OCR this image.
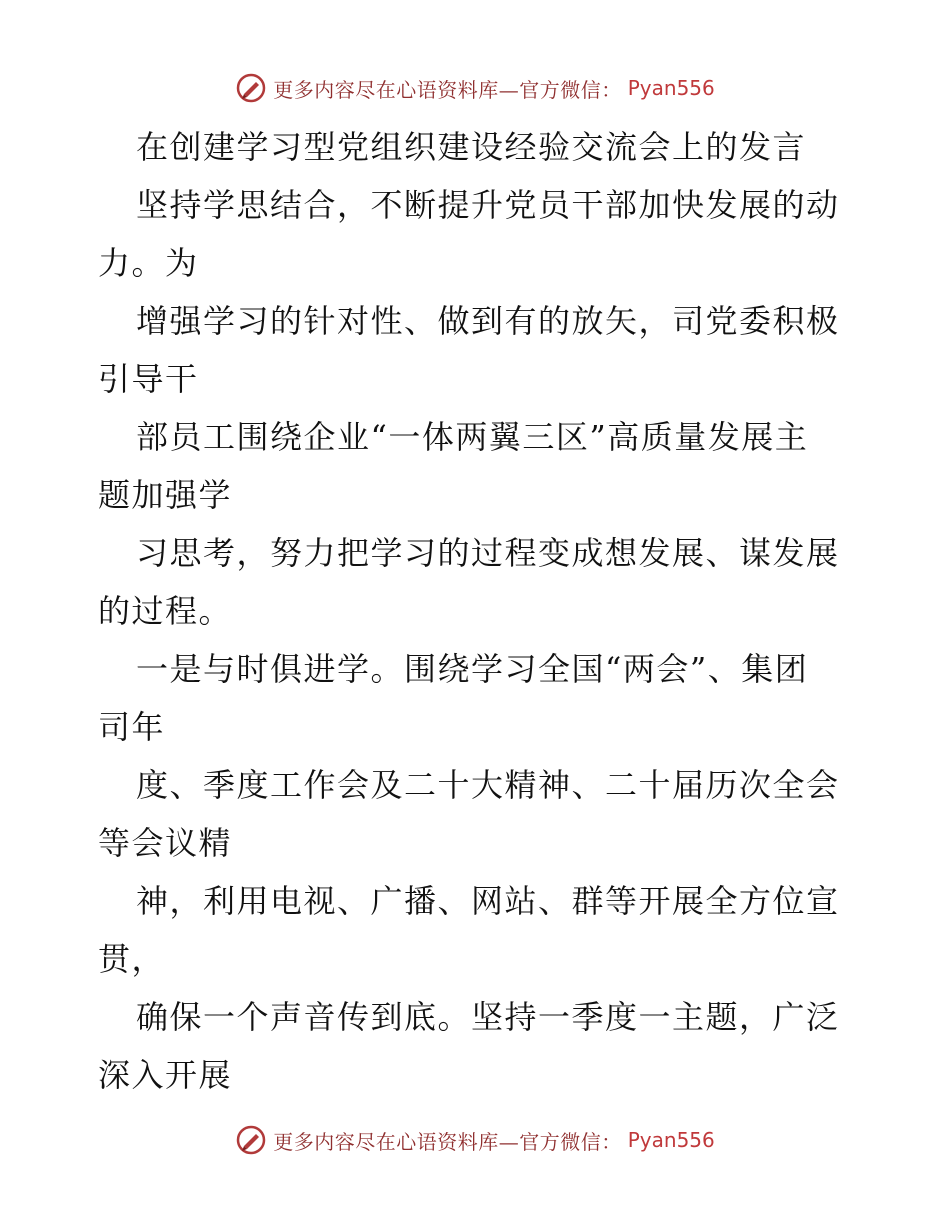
更多内容尽在心语资料库—官方微信： Pyan556
在创建学习型党组织建设经验交流会上的发言
坚持学思结合，不断提升党员干部加快发展的动
力。为
增强学习的针对性、做到有的放矢，司党委积极
引导干
部员工围绕企业“一体两翼三区”高质量发展主
题加强学
习思考，努力把学习的过程变成想发展、谋发展
的过程。
一是与时俱进学。围绕学习全国“两会”、集团
司年
度、季度工作会及二十大精神、二十届历次全会
等会议精
神，利用电视、广播、网站、群等开展全方位宣
贯，
确保一个声音传到底。坚持一季度一主题，广泛
深入开展
更多内容尽在心语资料库—官方微信： Pyan556
